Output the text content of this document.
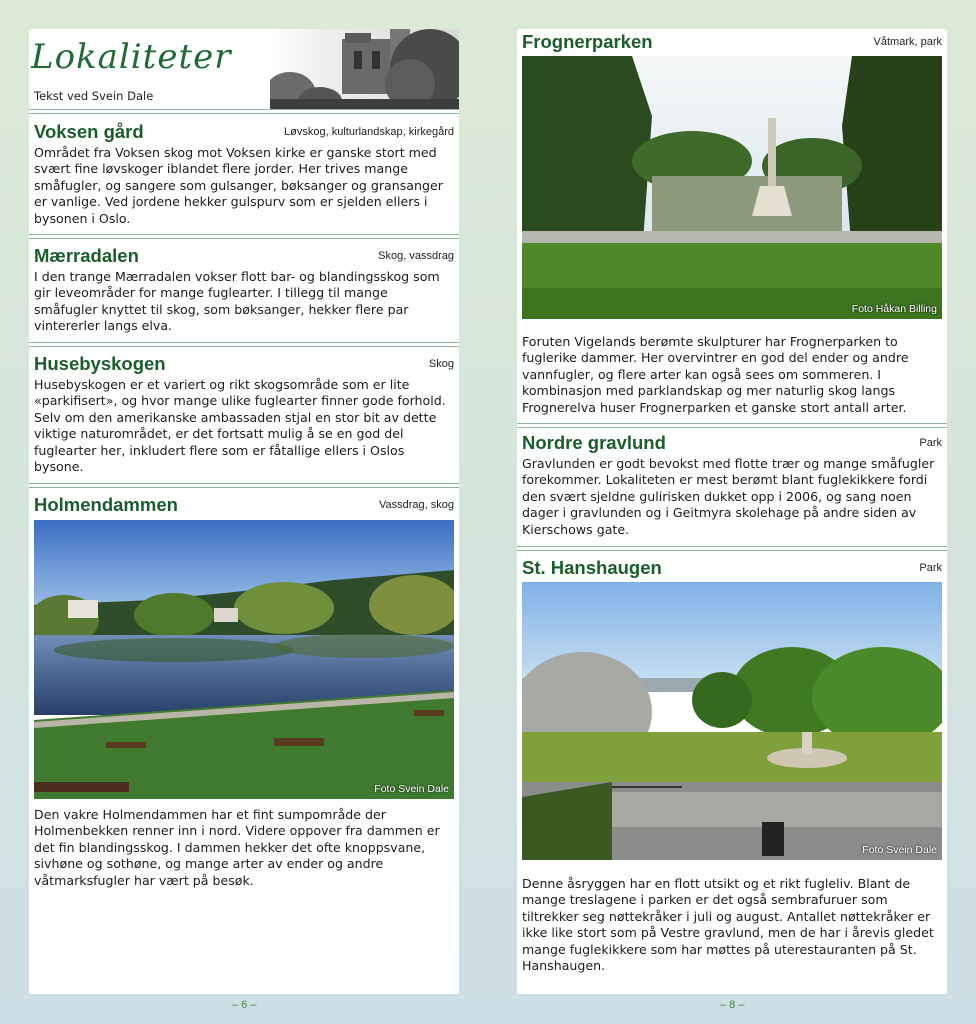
Lokaliteter
Tekst ved Svein Dale
Voksen gård	Løvskog, kulturlandskap, kirkegård

Området fra Voksen skog mot Voksen kirke er ganske stort med svært fine løvskoger iblandet flere jorder. Her trives mange småfugler, og sangere som gulsanger, bøksanger og gransanger er vanlige. Ved jordene hekker gulspurv som er sjelden ellers i bysonen i Oslo.

Mærradalen	Skog, vassdrag

I den trange Mærradalen vokser flott bar- og blandingsskog som gir leveområder for mange fuglearter. I tillegg til mange småfugler knyttet til skog, som bøksanger, hekker flere par vintererler langs elva.

Husebyskogen	Skog

Husebyskogen er et variert og rikt skogsområde som er lite «parkifisert», og hvor mange ulike fuglearter finner gode forhold. Selv om den amerikanske ambassaden stjal en stor bit av dette viktige naturområdet, er det fortsatt mulig å se en god del fuglearter her, inkludert flere som er fåtallige ellers i Oslos bysone.

Holmendammen	Vassdrag, skog
Foto Svein Dale

Den vakre Holmendammen har et fint sumpområde der Holmenbekken renner inn i nord. Videre oppover fra dammen er det fin blandingsskog. I dammen hekker det ofte knoppsvane, sivhøne og sothøne, og mange arter av ender og andre våtmarksfugler har vært på besøk.

– 6 –
Frognerparken	Våtmark, park
Foto Håkan Billing

Foruten Vigelands berømte skulpturer har Frognerparken to fuglerike dammer. Her overvintrer en god del ender og andre vannfugler, og flere arter kan også sees om sommeren. I kombinasjon med parklandskap og mer naturlig skog langs Frognerelva huser Frognerparken et ganske stort antall arter.

Nordre gravlund	Park

Gravlunden er godt bevokst med flotte trær og mange småfugler forekommer. Lokaliteten er mest berømt blant fuglekikkere fordi den svært sjeldne gulirisken dukket opp i 2006, og sang noen dager i gravlunden og i Geitmyra skolehage på andre siden av Kierschows gate.

St. Hanshaugen	Park
Foto Svein Dale

Denne åsryggen har en flott utsikt og et rikt fugleliv. Blant de mange treslagene i parken er det også sembrafuruer som tiltrekker seg nøttekråker i juli og august. Antallet nøttekråker er ikke like stort som på Vestre gravlund, men de har i årevis gledet mange fuglekikkere som har møttes på uterestauranten på St. Hanshaugen.

– 8 –
